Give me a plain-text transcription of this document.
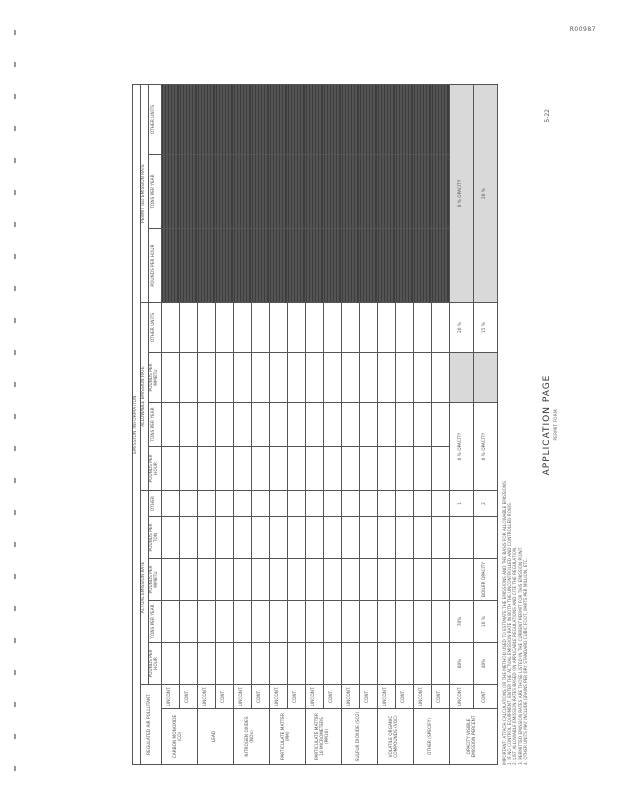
R00987
EMISSION INFORMATION													
REGULATED AIR POLLUTANT		ACTUAL EMISSION RATE					ALLOWABLE EMISSION RATE				PERMITTED EMISSION RATE		
		POUNDS PER HOUR	TONS PER YEAR	POUNDS PER MMBTU	POUNDS PER TON	OTHER	POUNDS PER HOUR	TONS PER YEAR	POUNDS PER MMBTU	OTHER UNITS	POUNDS PER HOUR	TONS PER YEAR	OTHER UNITS
CARBON MONOXIDE (CO)	UNCONT.												
	CONT.												
LEAD	UNCONT.												
	CONT.												
NITROGEN OXIDES (NOx)	UNCONT.												
	CONT.												
PARTICULATE MATTER (PM)	UNCONT.												
	CONT.												
PARTICULATE MATTER 10 MICROMETERS (PM10)	UNCONT.												
	CONT.												
SULFUR DIOXIDE (SO2)	UNCONT.												
	CONT.												
VOLATILE ORGANIC COMPOUNDS (VOC)	UNCONT.												
	CONT.												
OTHER (SPECIFY)	UNCONT.												
	CONT.												
OPACITY VISIBLE EMISSION PERCENT	UNCONT.	60%	70%			1	0 % OPACITY			20 %	0 % OPACITY		
	CONT.	40%	10 %	BOILER OPACITY		2	0 % OPACITY			15 %	20 %		

IMPORTANT: ATTACH CALCULATIONS OR THE METHOD USED TO ESTIMATE THE EMISSIONS AND THE BASIS FOR ALLOWABLE EMISSIONS. 1. IF NO CONTROL EQUIPMENT, ENTER THE ACTUAL EMISSION RATE IN BOTH THE UNCONTROLLED AND CONTROLLED ROWS. 2. LIST ALLOWABLE EMISSION RATES BASED ON APPLICABLE REGULATIONS AND CITE THE REGULATION. 3. PERMITTED EMISSION RATES ARE THOSE LISTED IN THE CURRENT PERMIT FOR THIS EMISSION POINT. 4. OTHER UNITS MAY INCLUDE GRAINS PER DRY STANDARD CUBIC FOOT, PARTS PER MILLION, ETC.

APPLICATION PAGE PERMIT FORM
5-22
